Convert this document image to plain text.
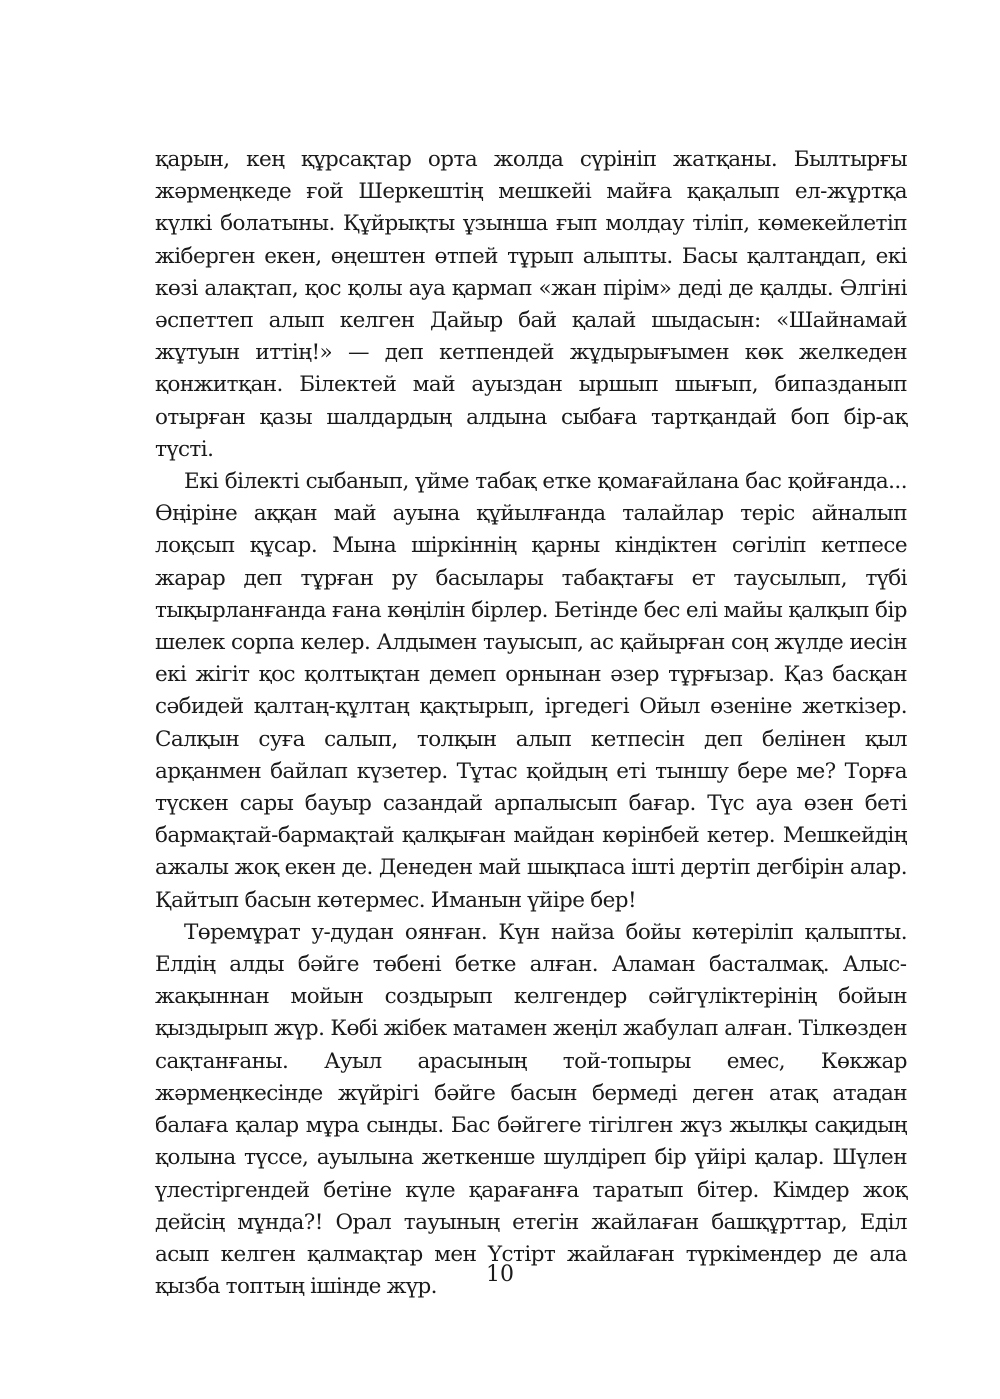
қарын, кең құрсақтар орта жолда сүрініп жатқаны. Былтырғы жәрмеңкеде ғой Шеркештің мешкейі майға қақалып ел-жұртқа күлкі болатыны. Құйрықты ұзынша ғып молдау тіліп, көмекейлетіп жіберген екен, өңештен өтпей тұрып алыпты. Басы қалтаңдап, екі көзі алақтап, қос қолы ауа қармап «жан пірім» деді де қалды. Әлгіні әспеттеп алып келген Дайыр бай қалай шыдасын: «Шайнамай жұтуын иттің!» — деп кетпендей жұдырығымен көк желкеден қонжитқан. Білектей май ауыздан ыршып шығып, бипазданып отырған қазы шалдардың алдына сыбаға тартқандай боп бір-ақ түсті.

Екі білекті сыбанып, үйме табақ етке қомағайлана бас қойғанда... Өңіріне аққан май ауына құйылғанда талайлар теріс айналып лоқсып құсар. Мына шіркіннің қарны кіндіктен сөгіліп кетпесе жарар деп тұрған ру басылары табақтағы ет таусылып, түбі тықырланғанда ғана көңілін бірлер. Бетінде бес елі майы қалқып бір шелек сорпа келер. Алдымен тауысып, ас қайырған соң жүлде иесін екі жігіт қос қолтықтан демеп орнынан әзер тұрғызар. Қаз басқан сәбидей қалтаң-құлтаң қақтырып, іргедегі Ойыл өзеніне жеткізер. Салқын суға салып, толқын алып кетпесін деп белінен қыл арқанмен байлап күзетер. Тұтас қойдың еті тыншу бере ме? Торға түскен сары бауыр сазандай арпалысып бағар. Түс ауа өзен беті бармақтай-бармақтай қалқыған майдан көрінбей кетер. Мешкейдің ажалы жоқ екен де. Денеден май шықпаса ішті дертіп дегбірін алар. Қайтып басын көтермес. Иманын үйіре бер!

Төремұрат у-дудан оянған. Күн найза бойы көтеріліп қалыпты. Елдің алды бәйге төбені бетке алған. Аламан басталмақ. Алысжақыннан мойын создырып келгендер сәйгүліктерінің бойын қыздырып жүр. Көбі жібек матамен жеңіл жабулап алған. Тілкөзден сақтанғаны. Ауыл арасының той-топыры емес, Көкжар жәрмеңкесінде жүйрігі бәйге басын бермеді деген атақ атадан балаға қалар мұра сынды. Бас бәйгеге тігілген жүз жылқы сақидың қолына түссе, ауылына жеткенше шулдіреп бір үйірі қалар. Шүлен үлестіргендей бетіне күле қарағанға таратып бітер. Кімдер жоқ дейсің мұнда?! Орал тауының етегін жайлаған башқұрттар, Еділ асып келген қалмақтар мен Үстірт жайлаған түркімендер де ала қызба топтың ішінде жүр.	10
